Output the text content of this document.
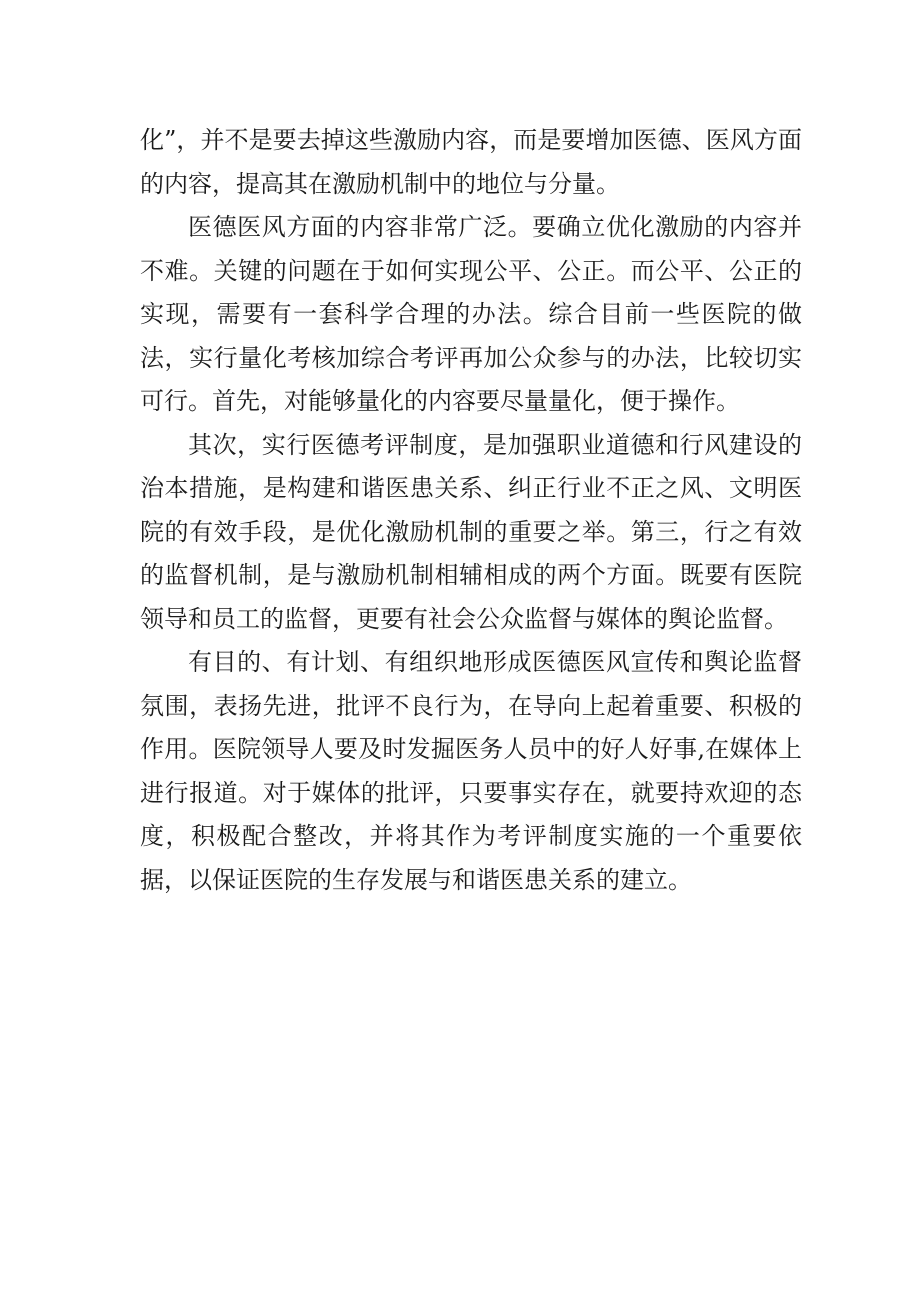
化”，并不是要去掉这些激励内容，而是要增加医德、医风方面的内容，提高其在激励机制中的地位与分量。

医德医风方面的内容非常广泛。要确立优化激励的内容并不难。关键的问题在于如何实现公平、公正。而公平、公正的实现，需要有一套科学合理的办法。综合目前一些医院的做法，实行量化考核加综合考评再加公众参与的办法，比较切实可行。首先，对能够量化的内容要尽量量化，便于操作。

其次，实行医德考评制度，是加强职业道德和行风建设的治本措施，是构建和谐医患关系、纠正行业不正之风、文明医院的有效手段，是优化激励机制的重要之举。第三，行之有效的监督机制，是与激励机制相辅相成的两个方面。既要有医院领导和员工的监督，更要有社会公众监督与媒体的舆论监督。

有目的、有计划、有组织地形成医德医风宣传和舆论监督氛围，表扬先进，批评不良行为，在导向上起着重要、积极的作用。医院领导人要及时发掘医务人员中的好人好事,在媒体上进行报道。对于媒体的批评，只要事实存在，就要持欢迎的态度，积极配合整改，并将其作为考评制度实施的一个重要依据，以保证医院的生存发展与和谐医患关系的建立。
